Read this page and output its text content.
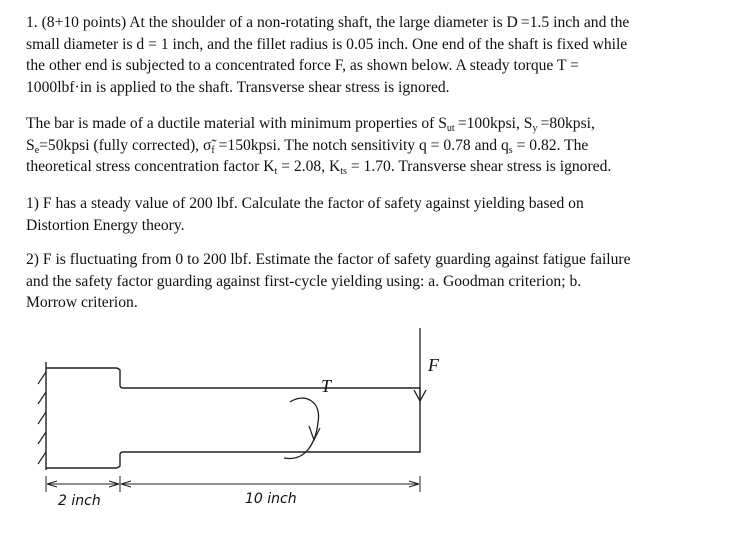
1. (8+10 points) At the shoulder of a non-rotating shaft, the large diameter is D =1.5 inch and the
small diameter is d = 1 inch, and the fillet radius is 0.05 inch. One end of the shaft is fixed while
the other end is subjected to a concentrated force F, as shown below. A steady torque T =
1000lbf·in is applied to the shaft. Transverse shear stress is ignored.
The bar is made of a ductile material with minimum properties of $S_{ut}$ =100kpsi, $S_y$ =80kpsi,
$S_e=50kpsi$ (fully corrected), $\sigmã_f$ =150kpsi. The notch sensitivity q = 0.78 and $q_s = 0.82$. The
theoretical stress concentration factor $K_t = 2.08$, $K_{ts} = 1.70$. Transverse shear stress is ignored.
1) F has a steady value of 200 lbf. Calculate the factor of safety against yielding based on
Distortion Energy theory.
2) F is fluctuating from 0 to 200 lbf. Estimate the factor of safety guarding against fatigue failure
and the safety factor guarding against first-cycle yielding using: a. Goodman criterion; b.
Morrow criterion.
T
F
2 inch	10 inch
